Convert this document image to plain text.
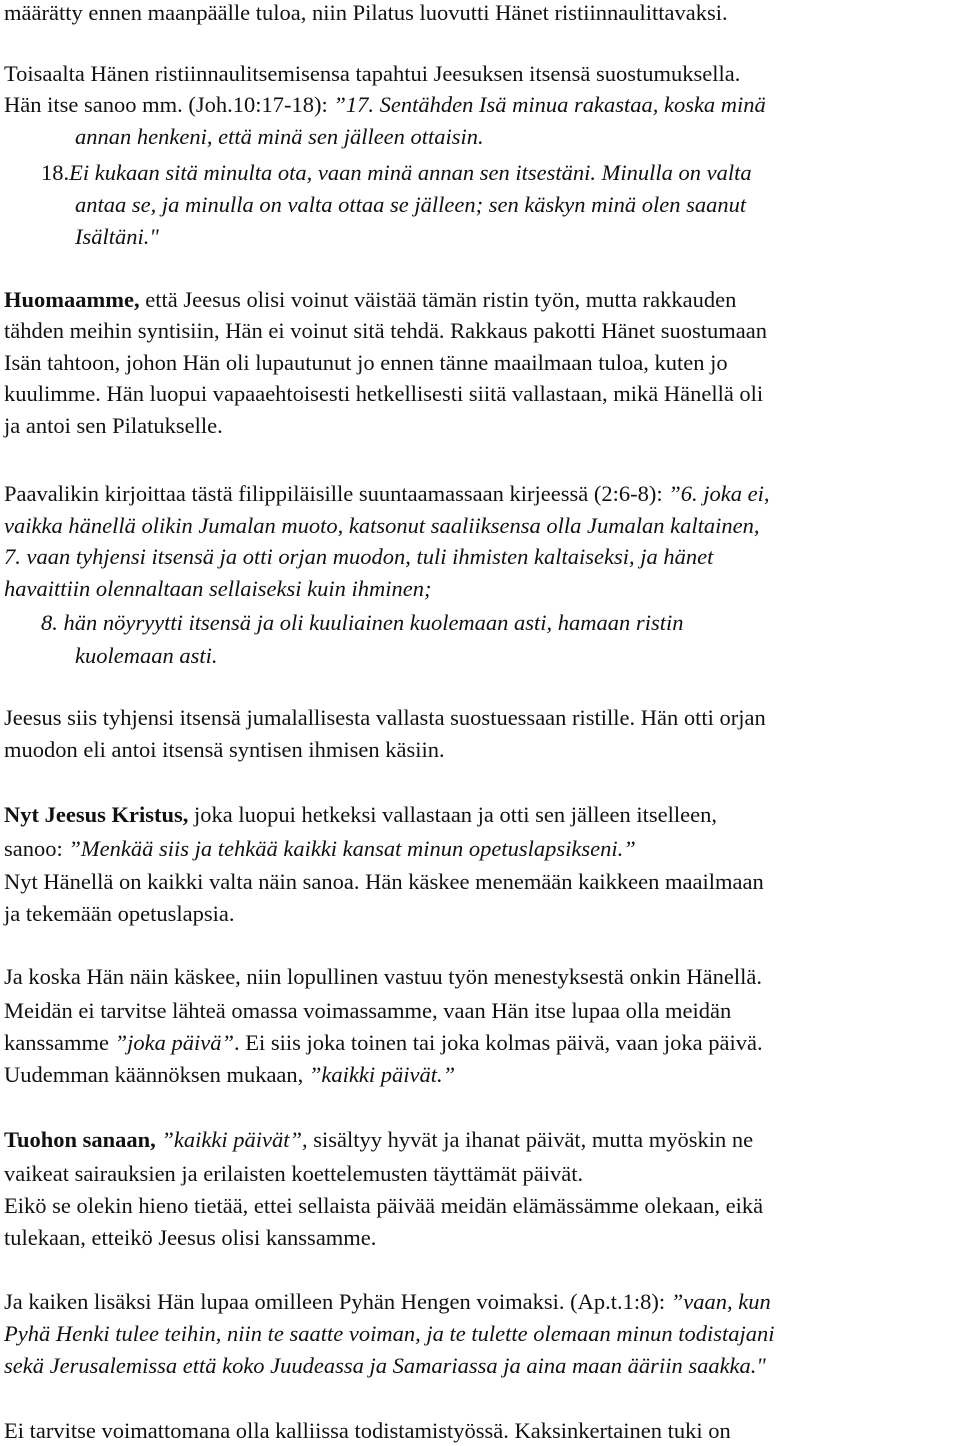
määrätty ennen maanpäälle tuloa, niin Pilatus luovutti Hänet ristiinnaulittavaksi.
Toisaalta Hänen ristiinnaulitsemisensa tapahtui Jeesuksen itsensä suostumuksella.
Hän itse sanoo mm. (Joh.10:17-18): ”17. Sentähden Isä minua rakastaa, koska minä
annan henkeni, että minä sen jälleen ottaisin.
18.Ei kukaan sitä minulta ota, vaan minä annan sen itsestäni. Minulla on valta
antaa se, ja minulla on valta ottaa se jälleen; sen käskyn minä olen saanut
Isältäni."
Huomaamme, että Jeesus olisi voinut väistää tämän ristin työn, mutta rakkauden
tähden meihin syntisiin, Hän ei voinut sitä tehdä. Rakkaus pakotti Hänet suostumaan
Isän tahtoon, johon Hän oli lupautunut jo ennen tänne maailmaan tuloa, kuten jo
kuulimme. Hän luopui vapaaehtoisesti hetkellisesti siitä vallastaan, mikä Hänellä oli
ja antoi sen Pilatukselle.
Paavalikin kirjoittaa tästä filippiläisille suuntaamassaan kirjeessä (2:6-8): ”6. joka ei,
vaikka hänellä olikin Jumalan muoto, katsonut saaliiksensa olla Jumalan kaltainen,
7. vaan tyhjensi itsensä ja otti orjan muodon, tuli ihmisten kaltaiseksi, ja hänet
havaittiin olennaltaan sellaiseksi kuin ihminen;
8. hän nöyryytti itsensä ja oli kuuliainen kuolemaan asti, hamaan ristin
kuolemaan asti.
Jeesus siis tyhjensi itsensä jumalallisesta vallasta suostuessaan ristille. Hän otti orjan
muodon eli antoi itsensä syntisen ihmisen käsiin.
Nyt Jeesus Kristus, joka luopui hetkeksi vallastaan ja otti sen jälleen itselleen,
sanoo: ”Menkää siis ja tehkää kaikki kansat minun opetuslapsikseni.”
Nyt Hänellä on kaikki valta näin sanoa. Hän käskee menemään kaikkeen maailmaan
ja tekemään opetuslapsia.
Ja koska Hän näin käskee, niin lopullinen vastuu työn menestyksestä onkin Hänellä.
Meidän ei tarvitse lähteä omassa voimassamme, vaan Hän itse lupaa olla meidän
kanssamme ”joka päivä”. Ei siis joka toinen tai joka kolmas päivä, vaan joka päivä.
Uudemman käännöksen mukaan, ”kaikki päivät.”
Tuohon sanaan, ”kaikki päivät”, sisältyy hyvät ja ihanat päivät, mutta myöskin ne
vaikeat sairauksien ja erilaisten koettelemusten täyttämät päivät.
Eikö se olekin hieno tietää, ettei sellaista päivää meidän elämässämme olekaan, eikä
tulekaan, etteikö Jeesus olisi kanssamme.
Ja kaiken lisäksi Hän lupaa omilleen Pyhän Hengen voimaksi. (Ap.t.1:8): ”vaan, kun
Pyhä Henki tulee teihin, niin te saatte voiman, ja te tulette olemaan minun todistajani
sekä Jerusalemissa että koko Juudeassa ja Samariassa ja aina maan ääriin saakka."
Ei tarvitse voimattomana olla kalliissa todistamistyössä. Kaksinkertainen tuki on
